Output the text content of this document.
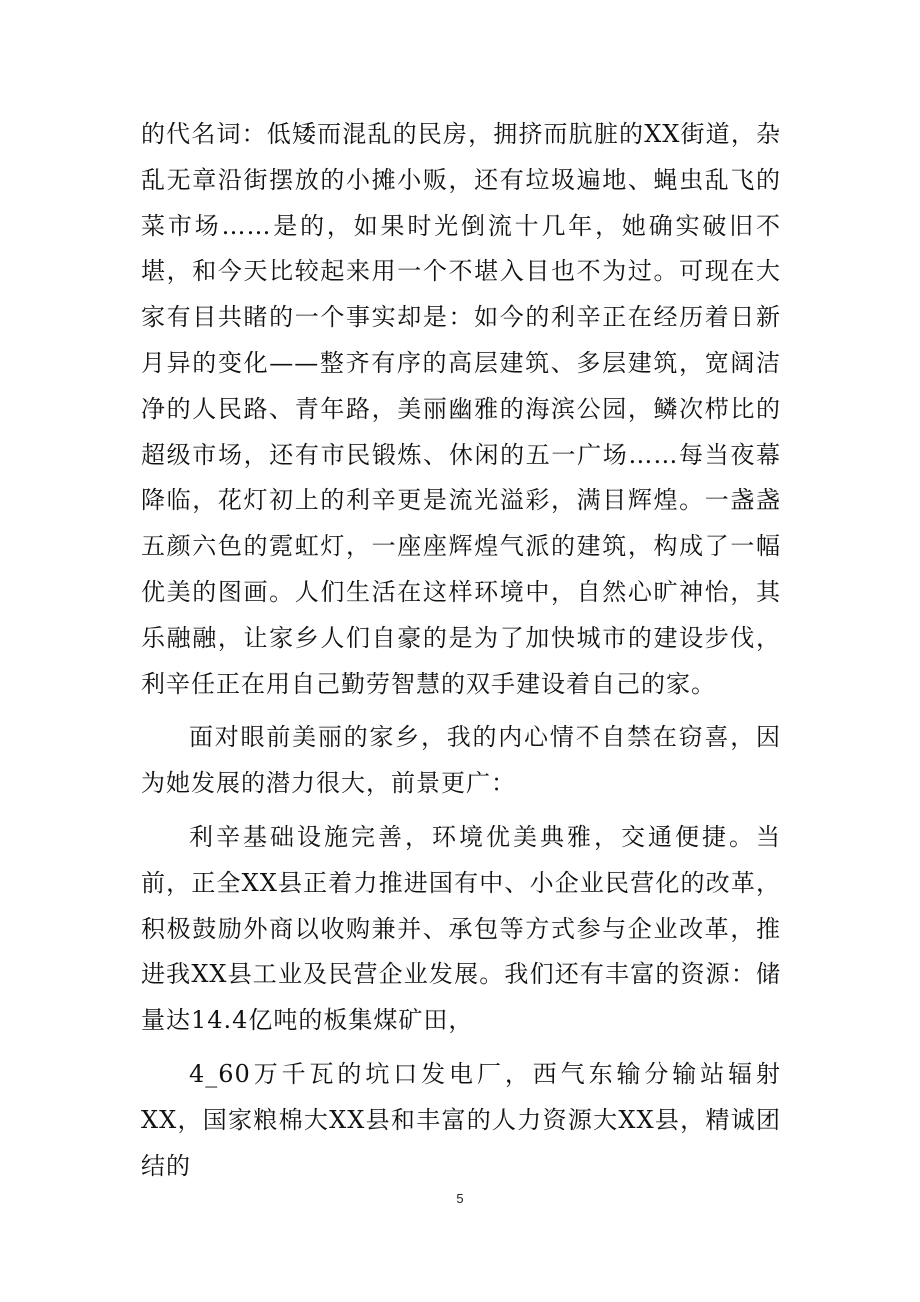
的代名词：低矮而混乱的民房，拥挤而肮脏的XX街道，杂乱无章沿街摆放的小摊小贩，还有垃圾遍地、蝇虫乱飞的菜市场……是的，如果时光倒流十几年，她确实破旧不堪，和今天比较起来用一个不堪入目也不为过。可现在大家有目共睹的一个事实却是：如今的利辛正在经历着日新月异的变化——整齐有序的高层建筑、多层建筑，宽阔洁净的人民路、青年路，美丽幽雅的海滨公园，鳞次栉比的超级市场，还有市民锻炼、休闲的五一广场……每当夜幕降临，花灯初上的利辛更是流光溢彩，满目辉煌。一盏盏五颜六色的霓虹灯，一座座辉煌气派的建筑，构成了一幅优美的图画。人们生活在这样环境中，自然心旷神怡，其乐融融，让家乡人们自豪的是为了加快城市的建设步伐，利辛任正在用自己勤劳智慧的双手建设着自己的家。

面对眼前美丽的家乡，我的内心情不自禁在窃喜，因为她发展的潜力很大，前景更广：

利辛基础设施完善，环境优美典雅，交通便捷。当前，正全XX县正着力推进国有中、小企业民营化的改革，积极鼓励外商以收购兼并、承包等方式参与企业改革，推进我XX县工业及民营企业发展。我们还有丰富的资源：储量达14.4亿吨的板集煤矿田，

4_60万千瓦的坑口发电厂，西气东输分输站辐射XX，国家粮棉大XX县和丰富的人力资源大XX县，精诚团结的

5
